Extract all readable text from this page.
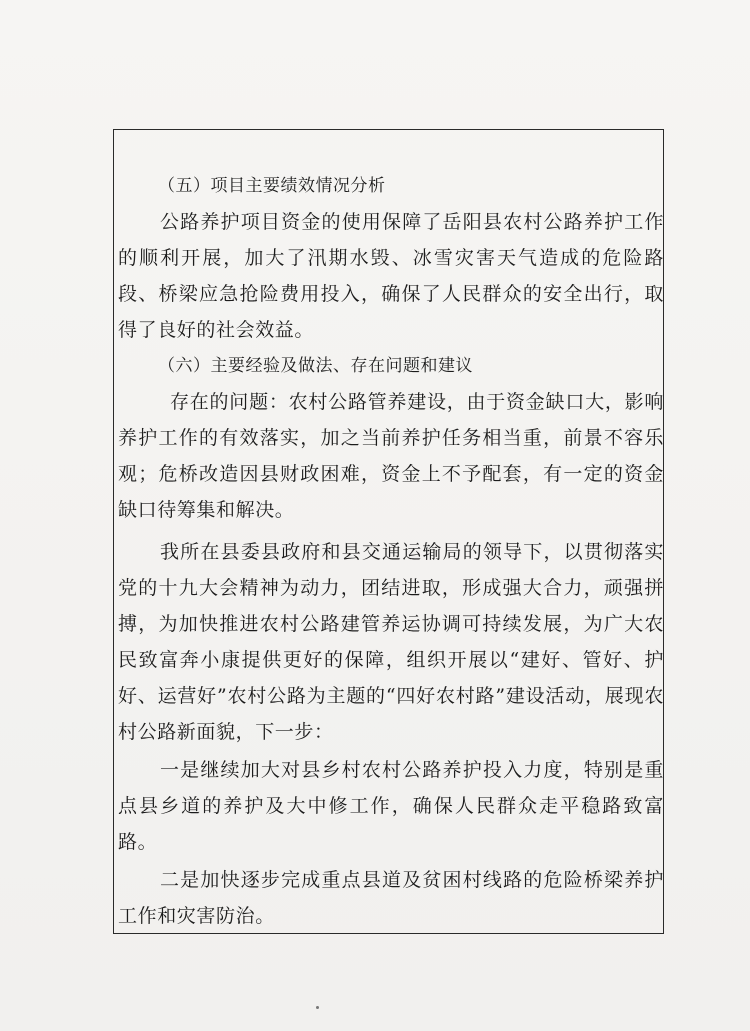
（五）项目主要绩效情况分析

公路养护项目资金的使用保障了岳阳县农村公路养护工作的顺利开展，加大了汛期水毁、冰雪灾害天气造成的危险路段、桥梁应急抢险费用投入，确保了人民群众的安全出行，取得了良好的社会效益。

（六）主要经验及做法、存在问题和建议

存在的问题：农村公路管养建设，由于资金缺口大，影响养护工作的有效落实，加之当前养护任务相当重，前景不容乐观；危桥改造因县财政困难，资金上不予配套，有一定的资金缺口待筹集和解决。

我所在县委县政府和县交通运输局的领导下，以贯彻落实党的十九大会精神为动力，团结进取，形成强大合力，顽强拼搏，为加快推进农村公路建管养运协调可持续发展，为广大农民致富奔小康提供更好的保障，组织开展以“建好、管好、护好、运营好”农村公路为主题的“四好农村路”建设活动，展现农村公路新面貌，下一步：

一是继续加大对县乡村农村公路养护投入力度，特别是重点县乡道的养护及大中修工作，确保人民群众走平稳路致富路。

二是加快逐步完成重点县道及贫困村线路的危险桥梁养护工作和灾害防治。
